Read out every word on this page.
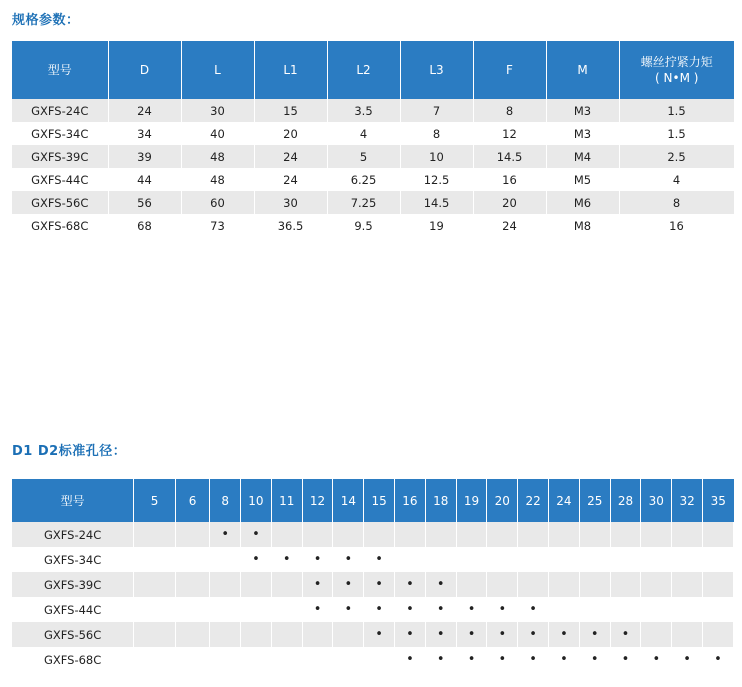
规格参数：
型号	D	L	L1	L2	L3	F	M	螺丝拧紧力矩
( N•M )
GXFS-24C	24	30	15	3.5	7	8	M3	1.5
GXFS-34C	34	40	20	4	8	12	M3	1.5
GXFS-39C	39	48	24	5	10	14.5	M4	2.5
GXFS-44C	44	48	24	6.25	12.5	16	M5	4
GXFS-56C	56	60	30	7.25	14.5	20	M6	8
GXFS-68C	68	73	36.5	9.5	19	24	M8	16
D1 D2标准孔径：
型号	5	6	8	10	11	12	14	15	16	18	19	20	22	24	25	28	30	32	35
GXFS-24C			•	•															
GXFS-34C				•	•	•	•	•											
GXFS-39C						•	•	•	•	•									
GXFS-44C						•	•	•	•	•	•	•	•						
GXFS-56C								•	•	•	•	•	•	•	•	•			
GXFS-68C									•	•	•	•	•	•	•	•	•	•	•
